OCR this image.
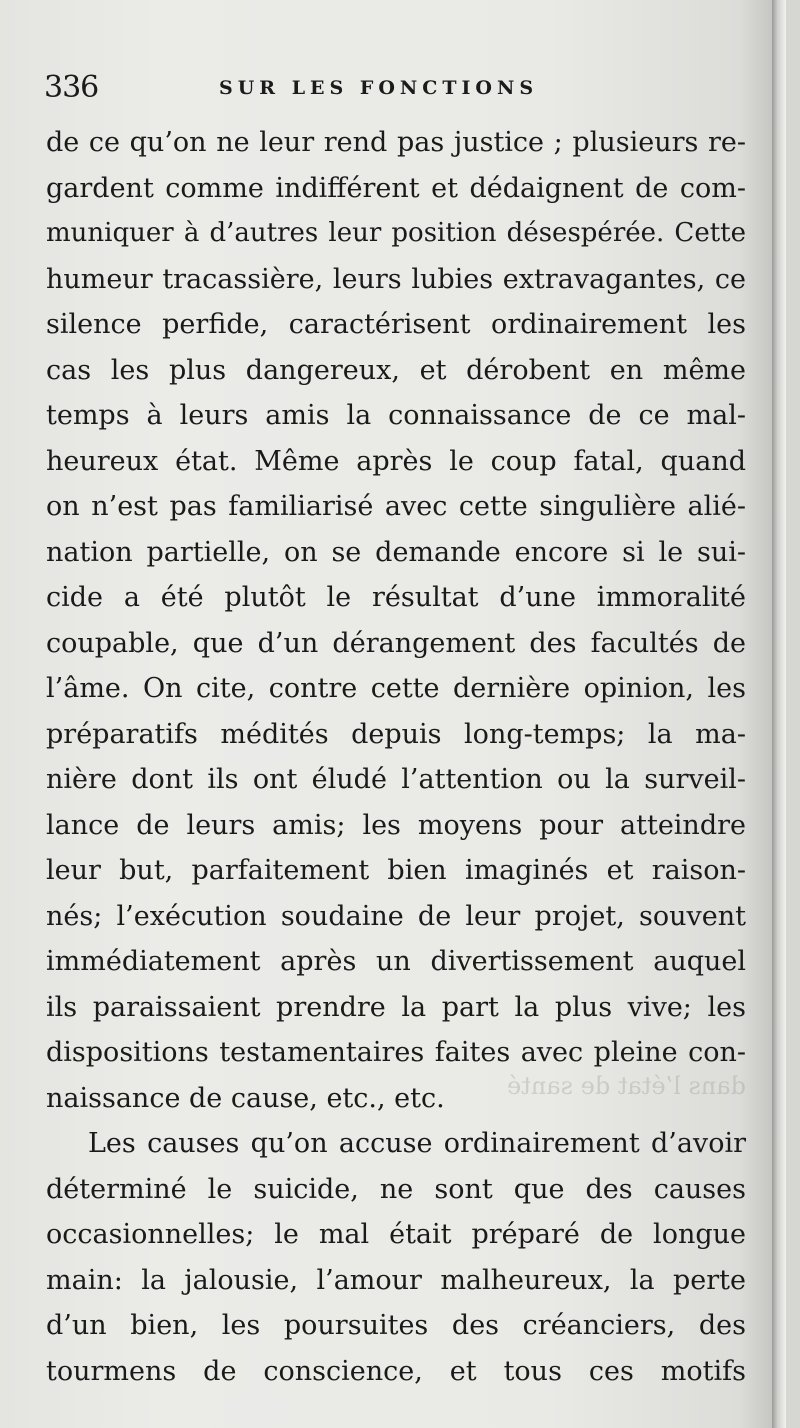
336	SUR LES FONCTIONS
dans l’état de santé
de ce qu’on ne leur rend pas justice ; plusieurs re-
gardent comme indifférent et dédaignent de com-
muniquer à d’autres leur position désespérée. Cette
humeur tracassière, leurs lubies extravagantes, ce
silence perfide, caractérisent ordinairement les
cas les plus dangereux, et dérobent en même
temps à leurs amis la connaissance de ce mal-
heureux état. Même après le coup fatal, quand
on n’est pas familiarisé avec cette singulière alié-
nation partielle, on se demande encore si le sui-
cide a été plutôt le résultat d’une immoralité
coupable, que d’un dérangement des facultés de
l’âme. On cite, contre cette dernière opinion, les
préparatifs médités depuis long-temps; la ma-
nière dont ils ont éludé l’attention ou la surveil-
lance de leurs amis; les moyens pour atteindre
leur but, parfaitement bien imaginés et raison-
nés; l’exécution soudaine de leur projet, souvent
immédiatement après un divertissement auquel
ils paraissaient prendre la part la plus vive; les
dispositions testamentaires faites avec pleine con-
naissance de cause, etc., etc.
Les causes qu’on accuse ordinairement d’avoir
déterminé le suicide, ne sont que des causes
occasionnelles; le mal était préparé de longue
main: la jalousie, l’amour malheureux, la perte
d’un bien, les poursuites des créanciers, des
tourmens de conscience, et tous ces motifs
